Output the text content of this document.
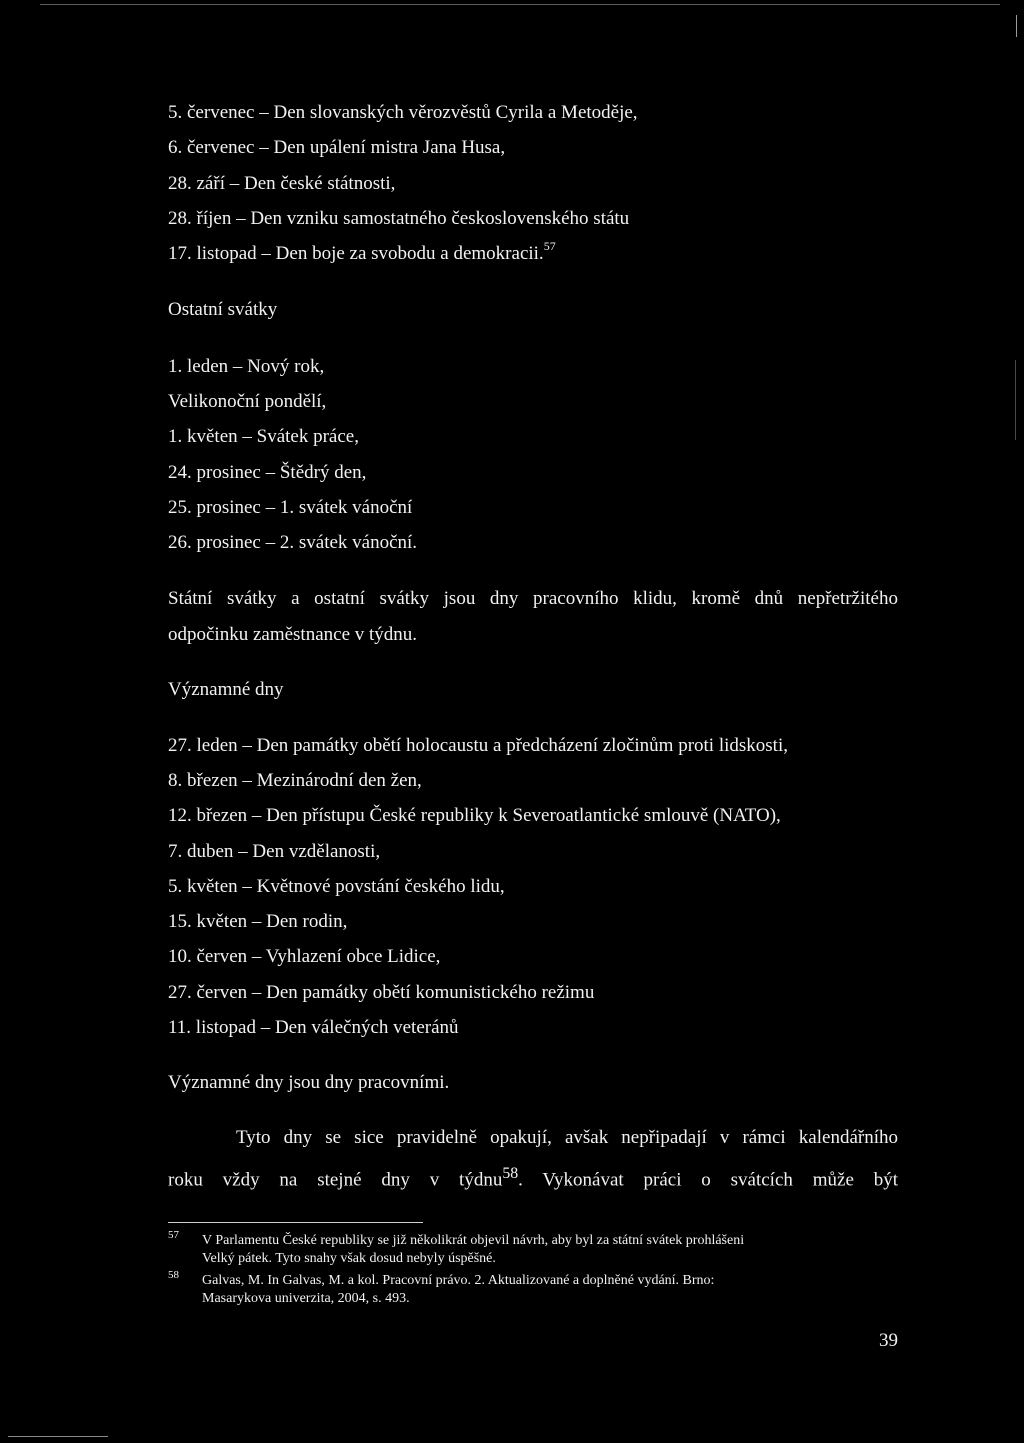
5. červenec – Den slovanských věrozvěstů Cyrila a Metoděje,
6. červenec – Den upálení mistra Jana Husa,
28. září – Den české státnosti,
28. říjen – Den vzniku samostatného československého státu
17. listopad – Den boje za svobodu a demokracii.$^{57}$
Ostatní svátky
1. leden – Nový rok,
Velikonoční pondělí,
1. květen – Svátek práce,
24. prosinec – Štědrý den,
25. prosinec – 1. svátek vánoční
26. prosinec – 2. svátek vánoční.
Státní svátky a ostatní svátky jsou dny pracovního klidu, kromě dnů nepřetržitého
odpočinku zaměstnance v týdnu.
Významné dny
27. leden – Den památky obětí holocaustu a předcházení zločinům proti lidskosti,
8. březen – Mezinárodní den žen,
12. březen – Den přístupu České republiky k Severoatlantické smlouvě (NATO),
7. duben – Den vzdělanosti,
5. květen – Květnové povstání českého lidu,
15. květen – Den rodin,
10. červen – Vyhlazení obce Lidice,
27. červen – Den památky obětí komunistického režimu
11. listopad – Den válečných veteránů
Významné dny jsou dny pracovními.
Tyto dny se sice pravidelně opakují, avšak nepřipadají v rámci kalendářního
roku vždy na stejné dny v týdnu$^{58}$. Vykonávat práci o svátcích může být
57 V Parlamentu České republiky se již několikrát objevil návrh, aby byl za státní svátek prohlášeni
Velký pátek. Tyto snahy však dosud nebyly úspěšné.
58 Galvas, M. In Galvas, M. a kol. Pracovní právo. 2. Aktualizované a doplněné vydání. Brno:
Masarykova univerzita, 2004, s. 493.
39
